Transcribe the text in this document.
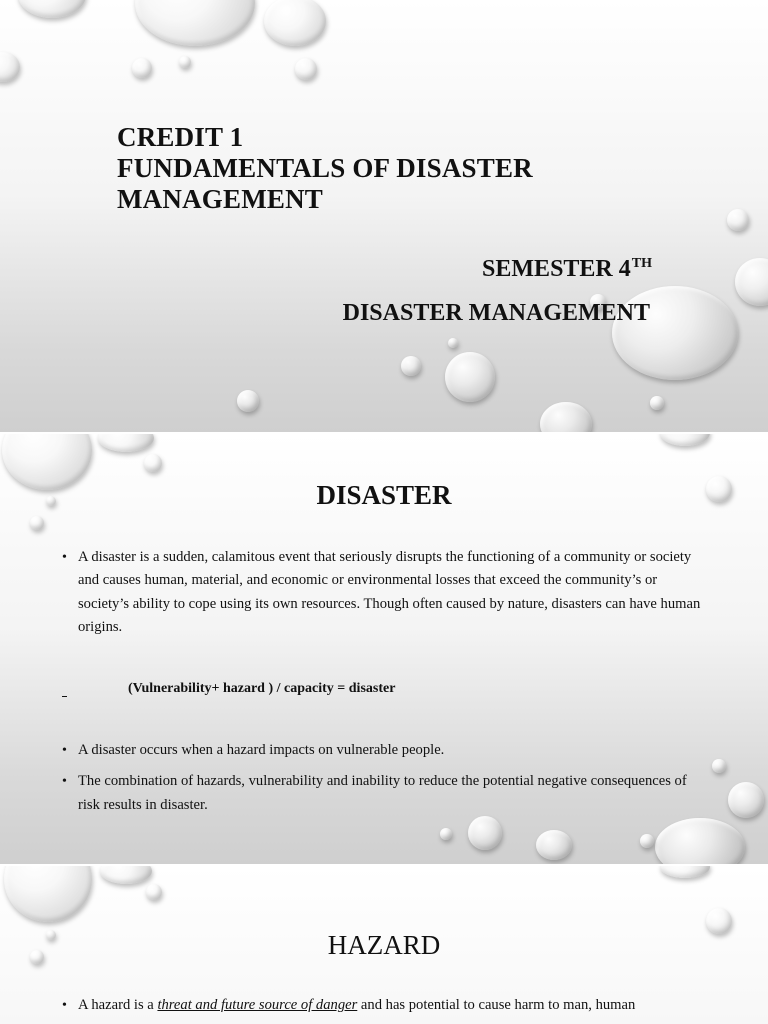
CREDIT 1
FUNDAMENTALS OF DISASTER
MANAGEMENT
SEMESTER 4TH
DISASTER MANAGEMENT
DISASTER
• A disaster is a sudden, calamitous event that seriously disrupts the functioning of a community or society and causes human, material, and economic or environmental losses that exceed the community’s or society’s ability to cope using its own resources. Though often caused by nature, disasters can have human origins.
(Vulnerability+ hazard ) / capacity = disaster
• A disaster occurs when a hazard impacts on vulnerable people.
• The combination of hazards, vulnerability and inability to reduce the potential negative consequences of risk results in disaster.
HAZARD
• A hazard is a threat and future source of danger and has potential to cause harm to man, human
